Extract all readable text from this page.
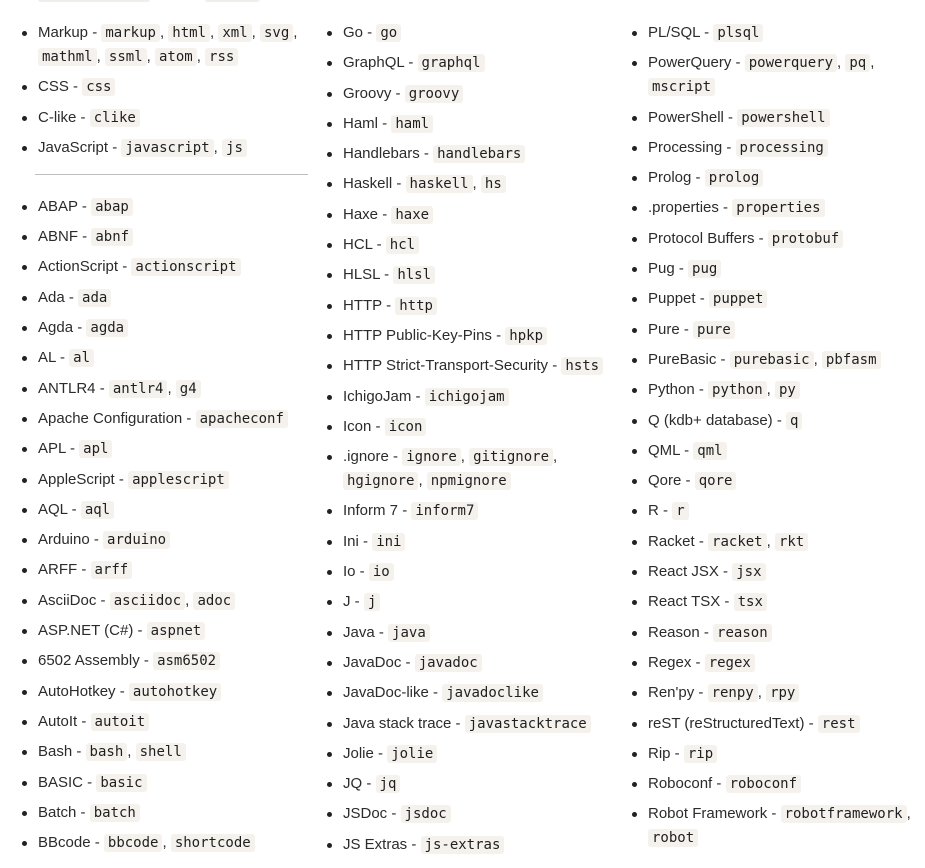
Markup - markup , html , xml , svg , mathml , ssml , atom , rss
CSS - css
C-like - clike
JavaScript - javascript , js
ABAP - abap
ABNF - abnf
ActionScript - actionscript
Ada - ada
Agda - agda
AL - al
ANTLR4 - antlr4 , g4
Apache Configuration - apacheconf
APL - apl
AppleScript - applescript
AQL - aql
Arduino - arduino
ARFF - arff
AsciiDoc - asciidoc , adoc
ASP.NET (C#) - aspnet
6502 Assembly - asm6502
AutoHotkey - autohotkey
AutoIt - autoit
Bash - bash , shell
BASIC - basic
Batch - batch
BBcode - bbcode , shortcode
Go - go
GraphQL - graphql
Groovy - groovy
Haml - haml
Handlebars - handlebars
Haskell - haskell , hs
Haxe - haxe
HCL - hcl
HLSL - hlsl
HTTP - http
HTTP Public-Key-Pins - hpkp
HTTP Strict-Transport-Security - hsts
IchigoJam - ichigojam
Icon - icon
.ignore - ignore , gitignore , hgignore , npmignore
Inform 7 - inform7
Ini - ini
Io - io
J - j
Java - java
JavaDoc - javadoc
JavaDoc-like - javadoclike
Java stack trace - javastacktrace
Jolie - jolie
JQ - jq
JSDoc - jsdoc
JS Extras - js-extras
PL/SQL - plsql
PowerQuery - powerquery , pq , mscript
PowerShell - powershell
Processing - processing
Prolog - prolog
.properties - properties
Protocol Buffers - protobuf
Pug - pug
Puppet - puppet
Pure - pure
PureBasic - purebasic , pbfasm
Python - python , py
Q (kdb+ database) - q
QML - qml
Qore - qore
R - r
Racket - racket , rkt
React JSX - jsx
React TSX - tsx
Reason - reason
Regex - regex
Ren'py - renpy , rpy
reST (reStructuredText) - rest
Rip - rip
Roboconf - roboconf
Robot Framework - robotframework , robot
